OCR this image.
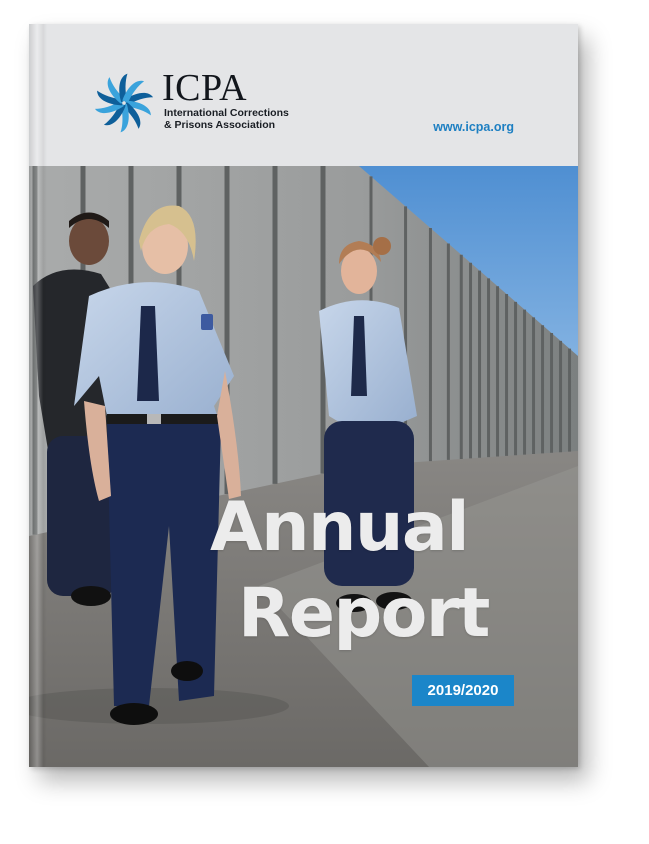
ICPA
International Corrections
& Prisons Association	www.icpa.org
Annual
Report
2019/2020
